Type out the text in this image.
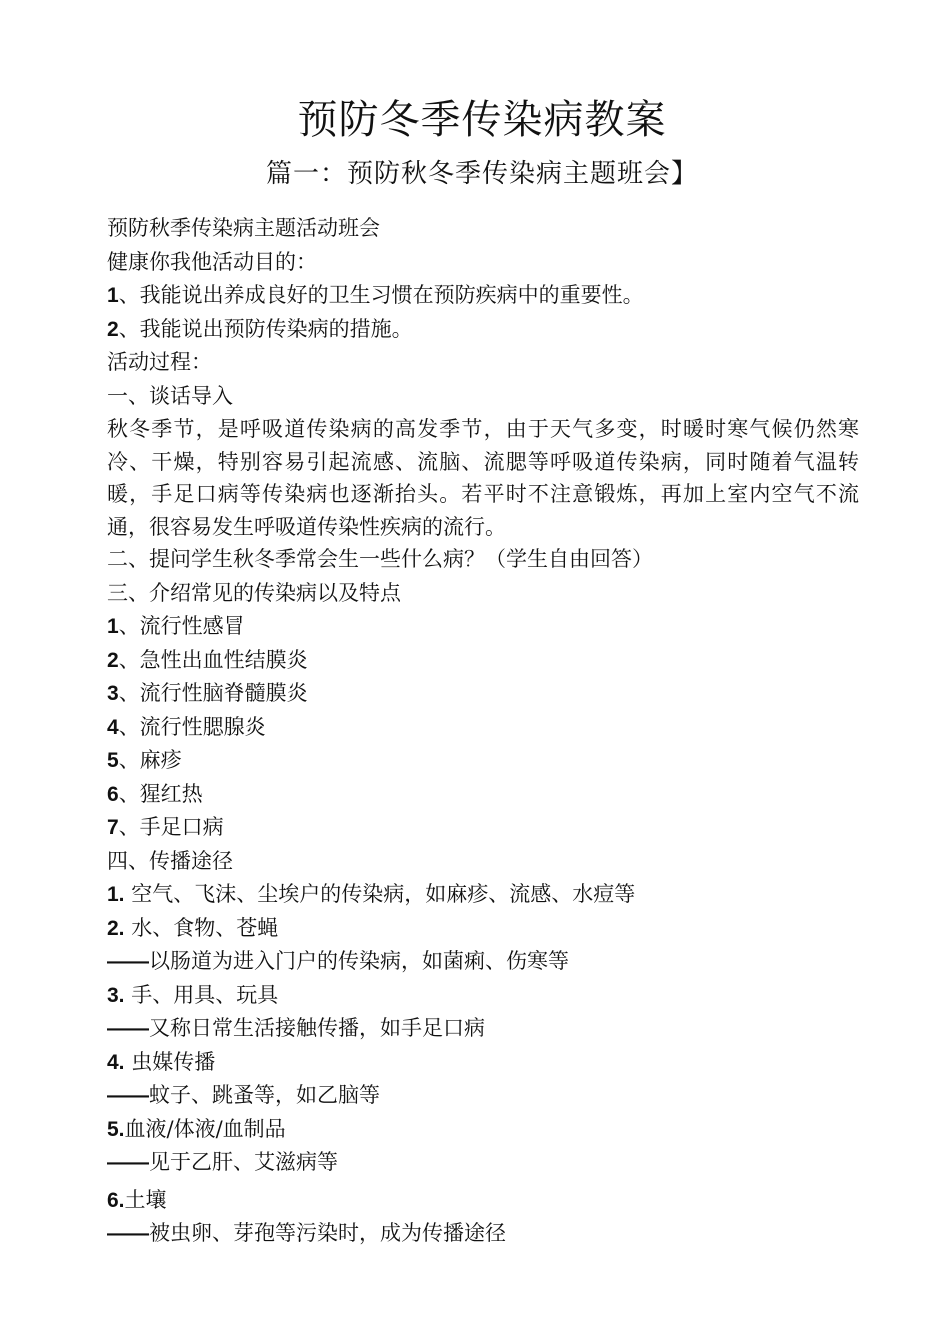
预防冬季传染病教案
篇一：预防秋冬季传染病主题班会】
预防秋季传染病主题活动班会
健康你我他活动目的：
1、我能说出养成良好的卫生习惯在预防疾病中的重要性。
2、我能说出预防传染病的措施。
活动过程：
一、谈话导入
秋冬季节，是呼吸道传染病的高发季节，由于天气多变，时暖时寒气候仍然寒冷、干燥，特别容易引起流感、流脑、流腮等呼吸道传染病，同时随着气温转暖，手足口病等传染病也逐渐抬头。若平时不注意锻炼，再加上室内空气不流通，很容易发生呼吸道传染性疾病的流行。
二、提问学生秋冬季常会生一些什么病？（学生自由回答）
三、介绍常见的传染病以及特点
1、流行性感冒
2、急性出血性结膜炎
3、流行性脑脊髓膜炎
4、流行性腮腺炎
5、麻疹
6、猩红热
7、手足口病
四、传播途径
1. 空气、飞沫、尘埃户的传染病，如麻疹、流感、水痘等
2. 水、食物、苍蝇
——以肠道为进入门户的传染病，如菌痢、伤寒等
3. 手、用具、玩具
——又称日常生活接触传播，如手足口病
4. 虫媒传播
——蚊子、跳蚤等，如乙脑等
5.血液/体液/血制品
——见于乙肝、艾滋病等
6.土壤
——被虫卵、芽孢等污染时，成为传播途径
